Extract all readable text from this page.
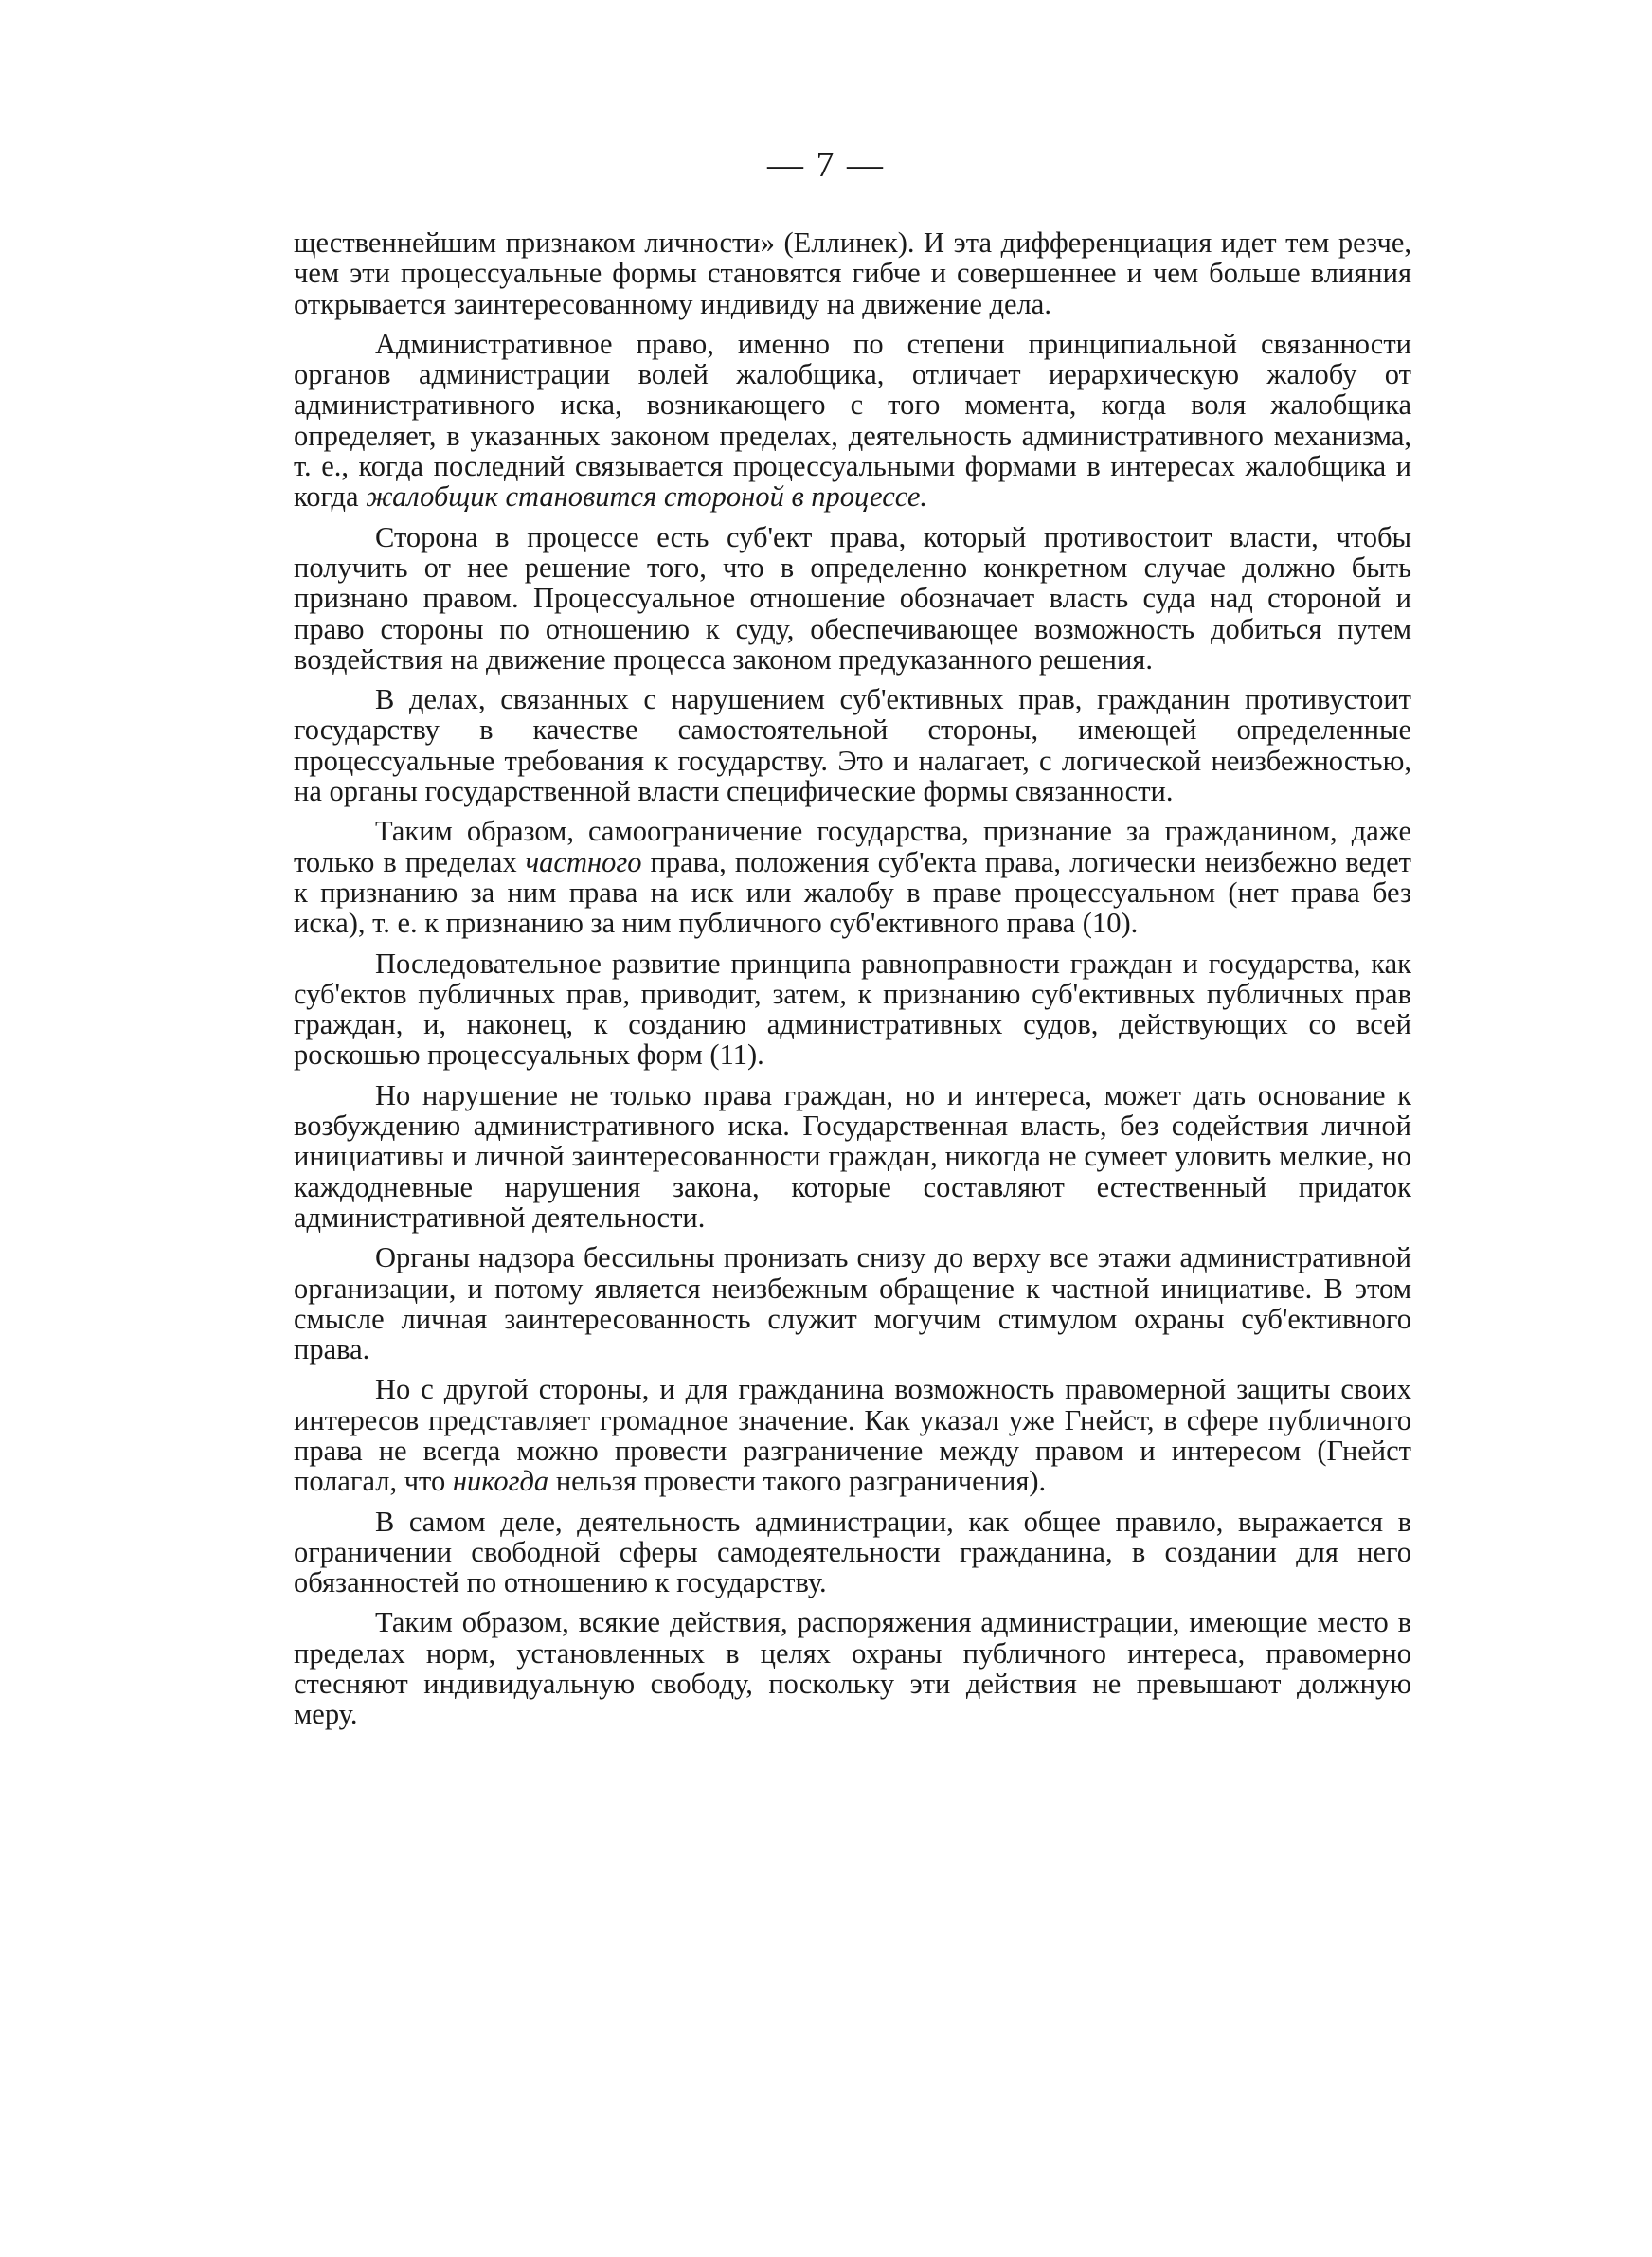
— 7 —

щественнейшим признаком личности» (Еллинек). И эта дифференциация идет тем резче, чем эти процессуальные формы становятся гибче и совершеннее и чем больше влияния открывается заинтересованному индивиду на движение дела.

Административное право, именно по степени принципиальной связанности органов администрации волей жалобщика, отличает иерархическую жалобу от административного иска, возникающего с того момента, когда воля жалобщика определяет, в указанных законом пределах, деятельность административного механизма, т. е., когда последний связывается процессуальными формами в интересах жалобщика и когда жалобщик становится стороной в процессе.

Сторона в процессе есть суб'ект права, который противостоит власти, чтобы получить от нее решение того, что в определенно конкретном случае должно быть признано правом. Процессуальное отношение обозначает власть суда над стороной и право стороны по отношению к суду, обеспечивающее возможность добиться путем воздействия на движение процесса законом предуказанного решения.

В делах, связанных с нарушением суб'ективных прав, гражданин противустоит государству в качестве самостоятельной стороны, имеющей определенные процессуальные требования к государству. Это и налагает, с логической неизбежностью, на органы государственной власти специфические формы связанности.

Таким образом, самоограничение государства, признание за гражданином, даже только в пределах частного права, положения суб'екта права, логически неизбежно ведет к признанию за ним права на иск или жалобу в праве процессуальном (нет права без иска), т. е. к признанию за ним публичного суб'ективного права (10).

Последовательное развитие принципа равноправности граждан и государства, как суб'ектов публичных прав, приводит, затем, к признанию суб'ективных публичных прав граждан, и, наконец, к созданию административных судов, действующих со всей роскошью процессуальных форм (11).

Но нарушение не только права граждан, но и интереса, может дать основание к возбуждению административного иска. Государственная власть, без содействия личной инициативы и личной заинтересованности граждан, никогда не сумеет уловить мелкие, но каждодневные нарушения закона, которые составляют естественный придаток административной деятельности.

Органы надзора бессильны пронизать снизу до верху все этажи административной организации, и потому является неизбежным обращение к частной инициативе. В этом смысле личная заинтересованность служит могучим стимулом охраны суб'ективного права.

Но с другой стороны, и для гражданина возможность правомерной защиты своих интересов представляет громадное значение. Как указал уже Гнейст, в сфере публичного права не всегда можно провести разграничение между правом и интересом (Гнейст полагал, что никогда нельзя провести такого разграничения).

В самом деле, деятельность администрации, как общее правило, выражается в ограничении свободной сферы самодеятельности гражданина, в создании для него обязанностей по отношению к государству.

Таким образом, всякие действия, распоряжения администрации, имеющие место в пределах норм, установленных в целях охраны публичного интереса, правомерно стесняют индивидуальную свободу, поскольку эти действия не превышают должную меру.
